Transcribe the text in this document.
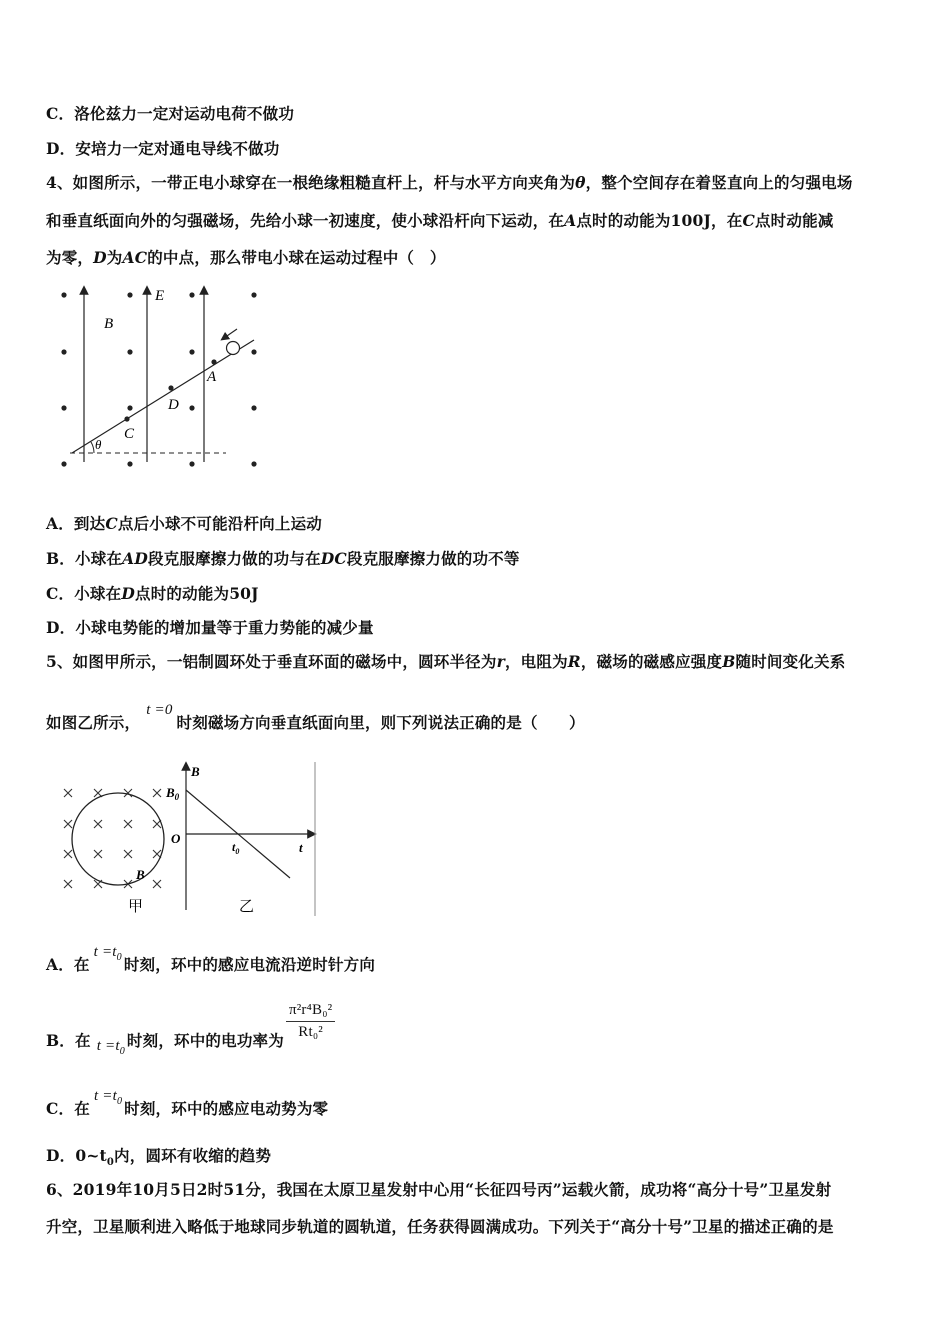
C．洛伦兹力一定对运动电荷不做功
D．安培力一定对通电导线不做功
4、如图所示，一带正电小球穿在一根绝缘粗糙直杆上，杆与水平方向夹角为θ，整个空间存在着竖直向上的匀强电场
和垂直纸面向外的匀强磁场，先给小球一初速度，使小球沿杆向下运动，在A点时的动能为100J，在C点时动能减
为零，D为AC的中点，那么带电小球在运动过程中（　）
B
E
A
D
C
θ
A．到达C点后小球不可能沿杆向上运动
B．小球在AD段克服摩擦力做的功与在DC段克服摩擦力做的功不等
C．小球在D点时的动能为50J
D．小球电势能的增加量等于重力势能的减少量
5、如图甲所示，一铝制圆环处于垂直环面的磁场中，圆环半径为r，电阻为R，磁场的磁感应强度B随时间变化关系
如图乙所示，t =0时刻磁场方向垂直纸面向里，则下列说法正确的是（　　）
B
B
$B_0$
O
$t_0$	t
甲	乙
A．在$t =t_0$ 时刻，环中的感应电流沿逆时针方向
B．在 $t =t_0$时刻，环中的电功率为 $\frac{\text{π²r⁴B₀²}}{\text{Rt₀²}}$
C．在$t =t_0$ 时刻，环中的感应电动势为零
D．$0\sim t_0$内，圆环有收缩的趋势
6、2019年10月5日2时51分，我国在太原卫星发射中心用“长征四号丙”运载火箭，成功将“高分十号”卫星发射
升空，卫星顺利进入略低于地球同步轨道的圆轨道，任务获得圆满成功。下列关于“高分十号”卫星的描述正确的是
